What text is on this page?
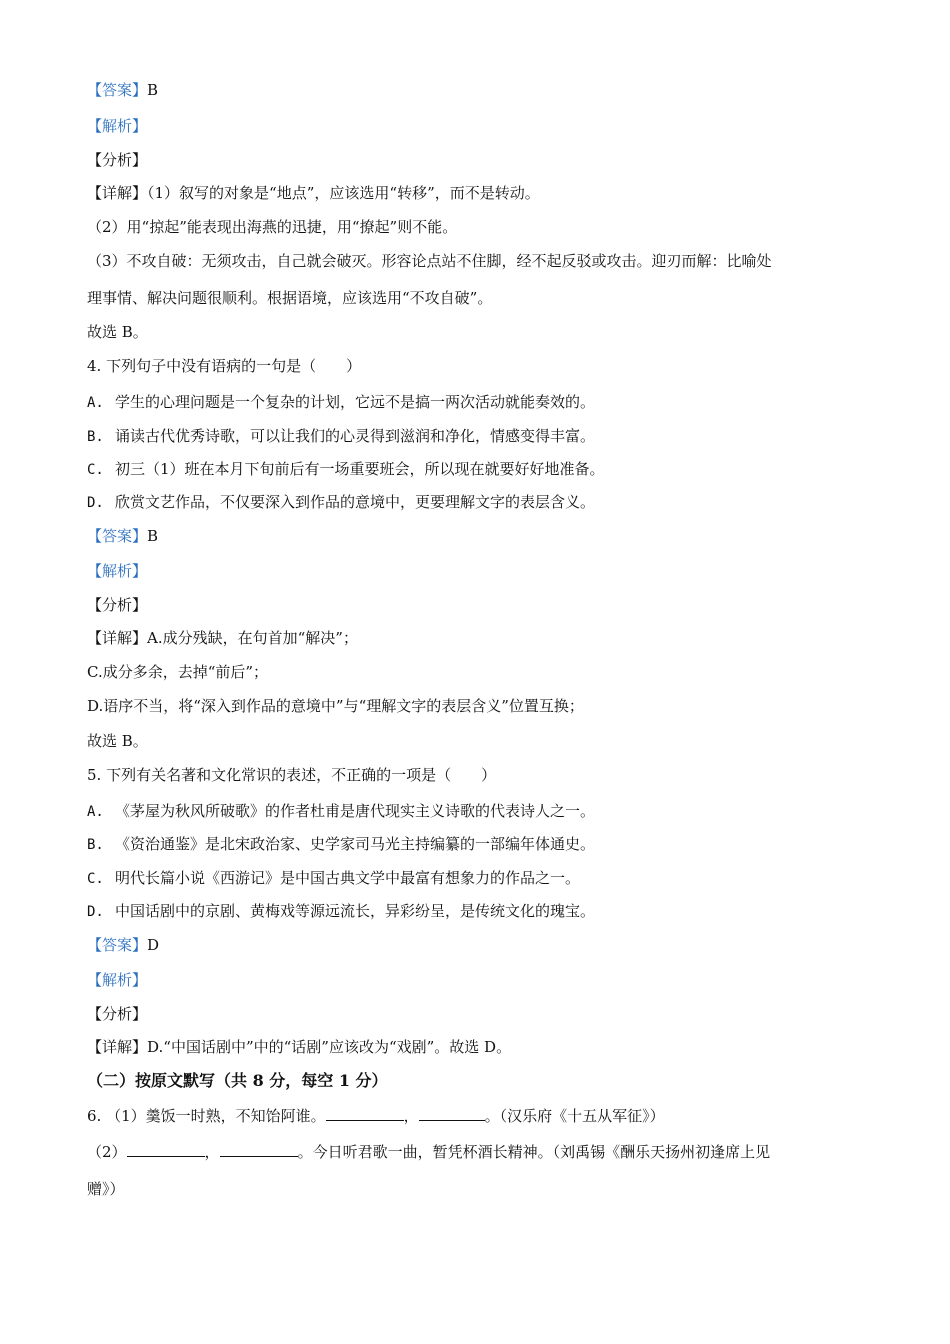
【答案】B
【解析】
【分析】
【详解】（1）叙写的对象是“地点”，应该选用“转移”，而不是转动。
（2）用“掠起”能表现出海燕的迅捷，用“撩起”则不能。
（3）不攻自破：无须攻击，自己就会破灭。形容论点站不住脚，经不起反驳或攻击。迎刃而解：比喻处
理事情、解决问题很顺利。根据语境，应该选用“不攻自破”。
故选 B。
4. 下列句子中没有语病的一句是（　　）
A. 学生的心理问题是一个复杂的计划，它远不是搞一两次活动就能奏效的。
B. 诵读古代优秀诗歌，可以让我们的心灵得到滋润和净化，情感变得丰富。
C. 初三（1）班在本月下旬前后有一场重要班会，所以现在就要好好地准备。
D. 欣赏文艺作品，不仅要深入到作品的意境中，更要理解文字的表层含义。
【答案】B
【解析】
【分析】
【详解】A.成分残缺，在句首加“解决”；
C.成分多余，去掉“前后”；
D.语序不当，将“深入到作品的意境中”与“理解文字的表层含义”位置互换；
故选 B。
5. 下列有关名著和文化常识的表述，不正确的一项是（　　）
A. 《茅屋为秋风所破歌》的作者杜甫是唐代现实主义诗歌的代表诗人之一。
B. 《资治通鉴》是北宋政治家、史学家司马光主持编纂的一部编年体通史。
C. 明代长篇小说《西游记》是中国古典文学中最富有想象力的作品之一。
D. 中国话剧中的京剧、黄梅戏等源远流长，异彩纷呈，是传统文化的瑰宝。
【答案】D
【解析】
【分析】
【详解】D.“中国话剧中”中的“话剧”应该改为“戏剧”。故选 D。
（二）按原文默写（共 8 分，每空 1 分）
6. （1）羹饭一时熟，不知饴阿谁。	，	。（汉乐府《十五从军征》）
（2）	，	。今日听君歌一曲，暂凭杯酒长精神。（刘禹锡《酬乐天扬州初逢席上见
赠》）
